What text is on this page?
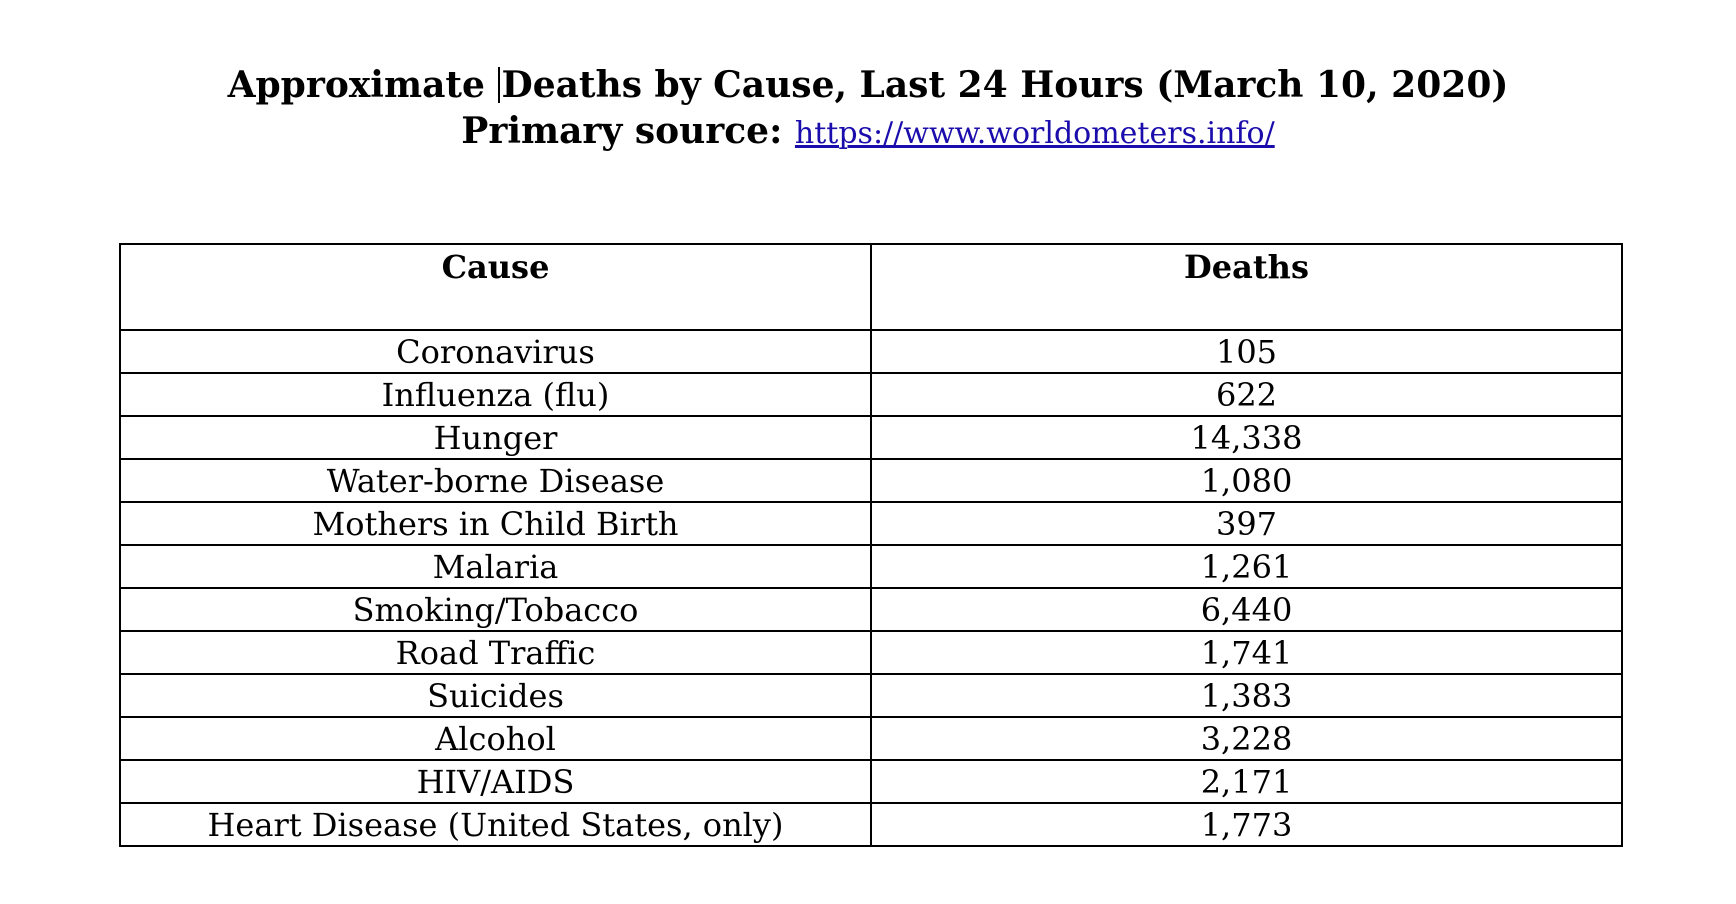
Approximate Deaths by Cause, Last 24 Hours (March 10, 2020)
Primary source: https://www.worldometers.info/
Cause	Deaths
Coronavirus	105
Influenza (flu)	622
Hunger	14,338
Water-borne Disease	1,080
Mothers in Child Birth	397
Malaria	1,261
Smoking/Tobacco	6,440
Road Traffic	1,741
Suicides	1,383
Alcohol	3,228
HIV/AIDS	2,171
Heart Disease (United States, only)	1,773
